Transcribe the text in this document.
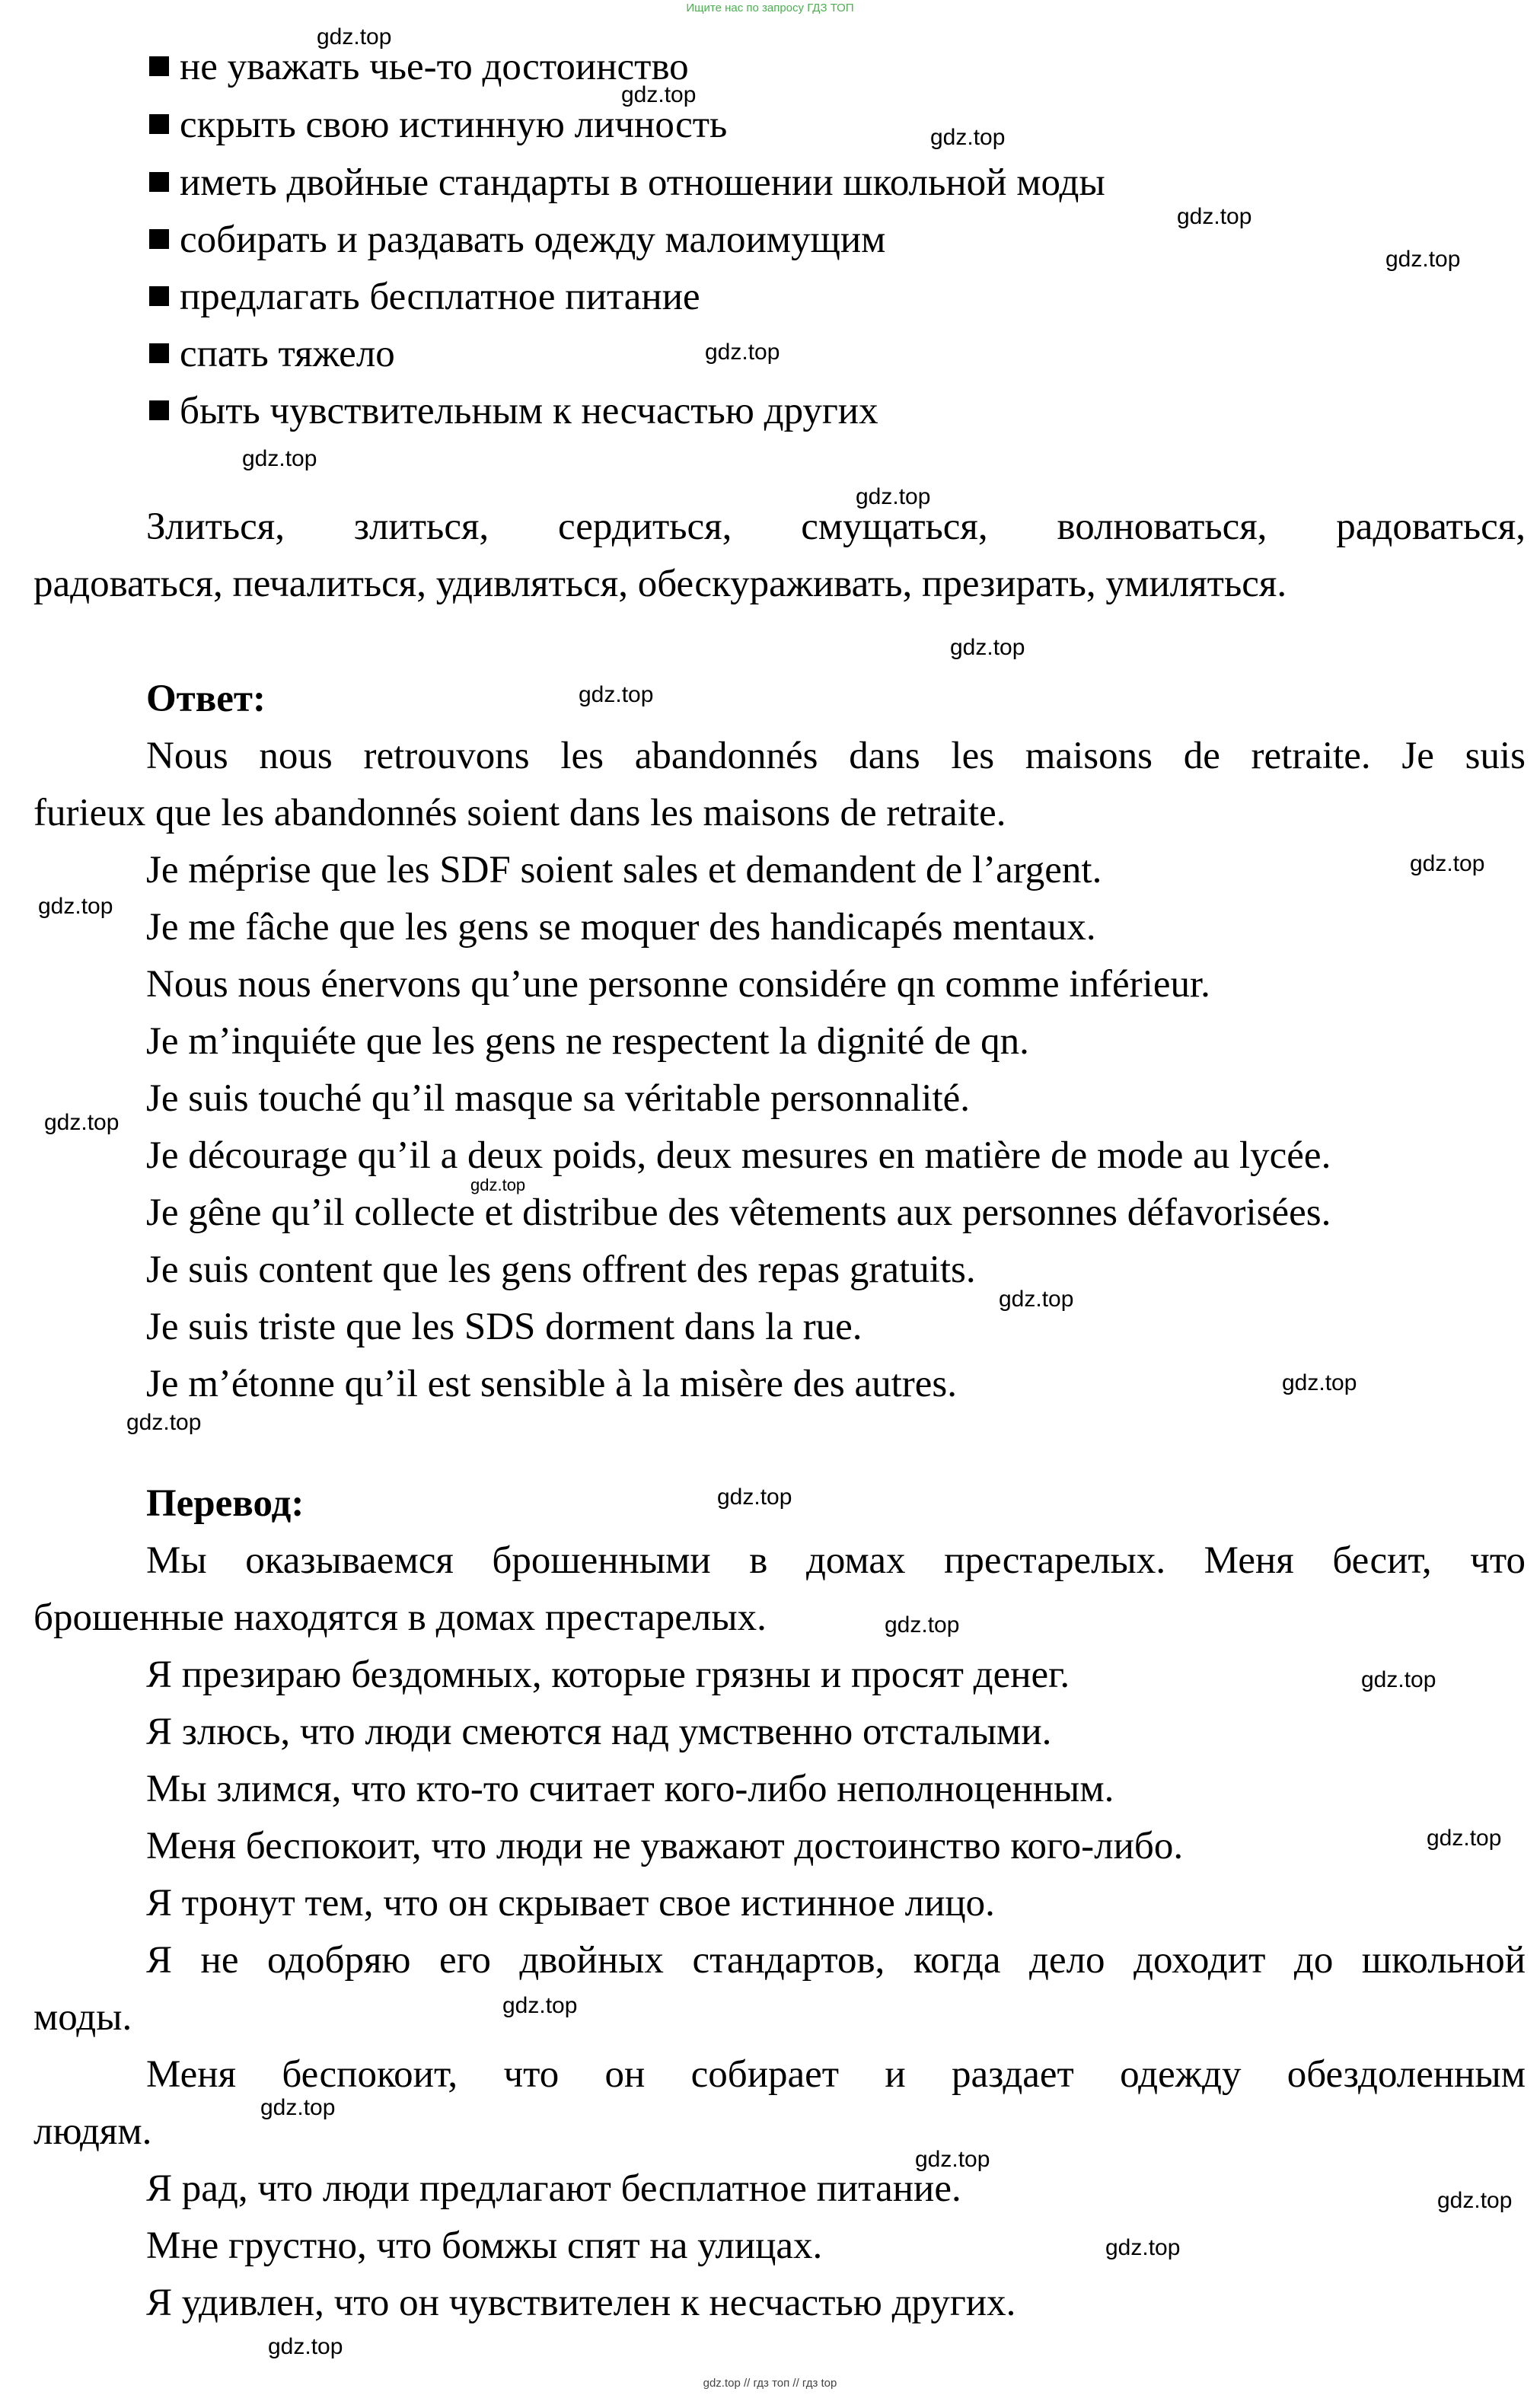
Ищите нас по запросу ГДЗ ТОП
не уважать чье-то достоинство
скрыть свою истинную личность
иметь двойные стандарты в отношении школьной моды
собирать и раздавать одежду малоимущим
предлагать бесплатное питание
спать тяжело
быть чувствительным к несчастью других
Злиться, злиться, сердиться, смущаться, волноваться, радоваться,
радоваться, печалиться, удивляться, обескураживать, презирать, умиляться.
Ответ:
Nous nous retrouvons les abandonnés dans les maisons de retraite. Je suis
furieux que les abandonnés soient dans les maisons de retraite.
Je méprise que les SDF soient sales et demandent de l’argent.
Je me fâche que les gens se moquer des handicapés mentaux.
Nous nous énervons qu’une personne considére qn comme inférieur.
Je m’inquiéte que les gens ne respectent la dignité de qn.
Je suis touché qu’il masque sa véritable personnalité.
Je décourage qu’il a deux poids, deux mesures en matière de mode au lycée.
Je gêne qu’il collecte et distribue des vêtements aux personnes défavorisées.
Je suis content que les gens offrent des repas gratuits.
Je suis triste que les SDS dorment dans la rue.
Je m’étonne qu’il est sensible à la misère des autres.
Перевод:
Мы оказываемся брошенными в домах престарелых. Меня бесит, что
брошенные находятся в домах престарелых.
Я презираю бездомных, которые грязны и просят денег.
Я злюсь, что люди смеются над умственно отсталыми.
Мы злимся, что кто-то считает кого-либо неполноценным.
Меня беспокоит, что люди не уважают достоинство кого-либо.
Я тронут тем, что он скрывает свое истинное лицо.
Я не одобряю его двойных стандартов, когда дело доходит до школьной
моды.
Меня беспокоит, что он собирает и раздает одежду обездоленным
людям.
Я рад, что люди предлагают бесплатное питание.
Мне грустно, что бомжы спят на улицах.
Я удивлен, что он чувствителен к несчастью других.
gdz.top
gdz.top
gdz.top
gdz.top
gdz.top
gdz.top
gdz.top
gdz.top
gdz.top
gdz.top
gdz.top
gdz.top
gdz.top
gdz.top
gdz.top
gdz.top
gdz.top
gdz.top
gdz.top
gdz.top
gdz.top
gdz.top
gdz.top
gdz.top
gdz.top
gdz.top
gdz.top
gdz.top // гдз топ // гдз top
